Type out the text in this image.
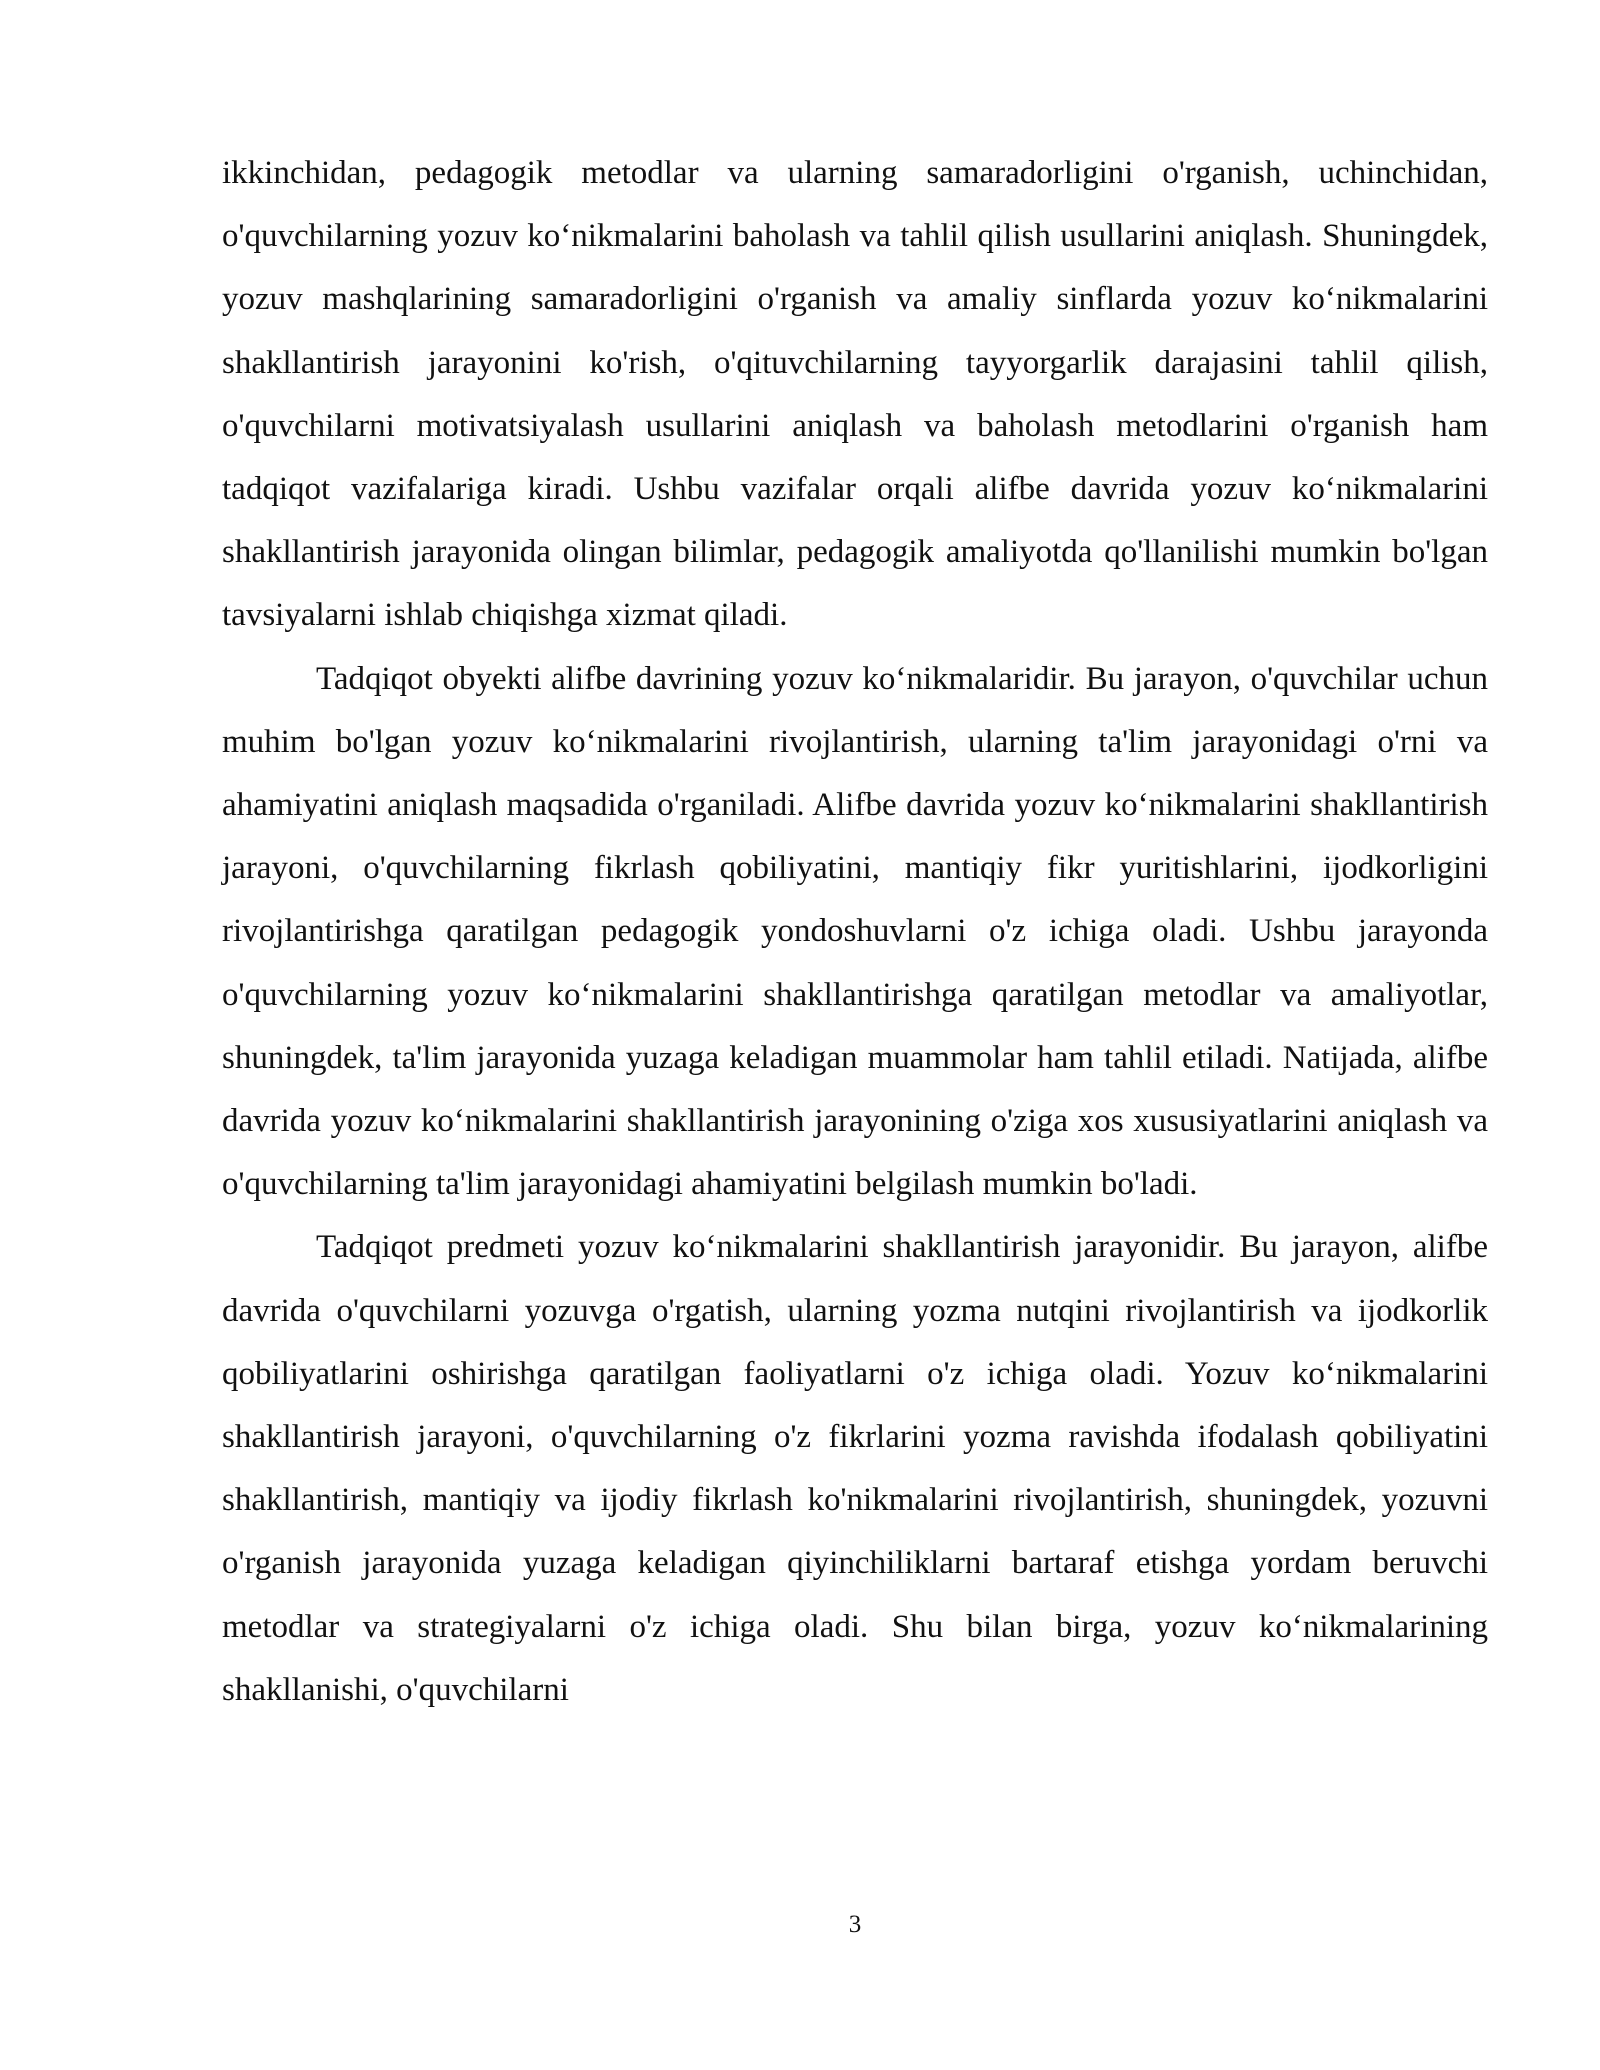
ikkinchidan, pedagogik metodlar va ularning samaradorligini o'rganish, uchinchidan, o'quvchilarning yozuv ko‘nikmalarini baholash va tahlil qilish usullarini aniqlash. Shuningdek, yozuv mashqlarining samaradorligini o'rganish va amaliy sinflarda yozuv ko‘nikmalarini shakllantirish jarayonini ko'rish, o'qituvchilarning tayyorgarlik darajasini tahlil qilish, o'quvchilarni motivatsiyalash usullarini aniqlash va baholash metodlarini o'rganish ham tadqiqot vazifalariga kiradi. Ushbu vazifalar orqali alifbe davrida yozuv ko‘nikmalarini shakllantirish jarayonida olingan bilimlar, pedagogik amaliyotda qo'llanilishi mumkin bo'lgan tavsiyalarni ishlab chiqishga xizmat qiladi.

Tadqiqot obyekti alifbe davrining yozuv ko‘nikmalaridir. Bu jarayon, o'quvchilar uchun muhim bo'lgan yozuv ko‘nikmalarini rivojlantirish, ularning ta'lim jarayonidagi o'rni va ahamiyatini aniqlash maqsadida o'rganiladi. Alifbe davrida yozuv ko‘nikmalarini shakllantirish jarayoni, o'quvchilarning fikrlash qobiliyatini, mantiqiy fikr yuritishlarini, ijodkorligini rivojlantirishga qaratilgan pedagogik yondoshuvlarni o'z ichiga oladi. Ushbu jarayonda o'quvchilarning yozuv ko‘nikmalarini shakllantirishga qaratilgan metodlar va amaliyotlar, shuningdek, ta'lim jarayonida yuzaga keladigan muammolar ham tahlil etiladi. Natijada, alifbe davrida yozuv ko‘nikmalarini shakllantirish jarayonining o'ziga xos xususiyatlarini aniqlash va o'quvchilarning ta'lim jarayonidagi ahamiyatini belgilash mumkin bo'ladi.

Tadqiqot predmeti yozuv ko‘nikmalarini shakllantirish jarayonidir. Bu jarayon, alifbe davrida o'quvchilarni yozuvga o'rgatish, ularning yozma nutqini rivojlantirish va ijodkorlik qobiliyatlarini oshirishga qaratilgan faoliyatlarni o'z ichiga oladi. Yozuv ko‘nikmalarini shakllantirish jarayoni, o'quvchilarning o'z fikrlarini yozma ravishda ifodalash qobiliyatini shakllantirish, mantiqiy va ijodiy fikrlash ko'nikmalarini rivojlantirish, shuningdek, yozuvni o'rganish jarayonida yuzaga keladigan qiyinchiliklarni bartaraf etishga yordam beruvchi metodlar va strategiyalarni o'z ichiga oladi. Shu bilan birga, yozuv ko‘nikmalarining shakllanishi, o'quvchilarni

3
